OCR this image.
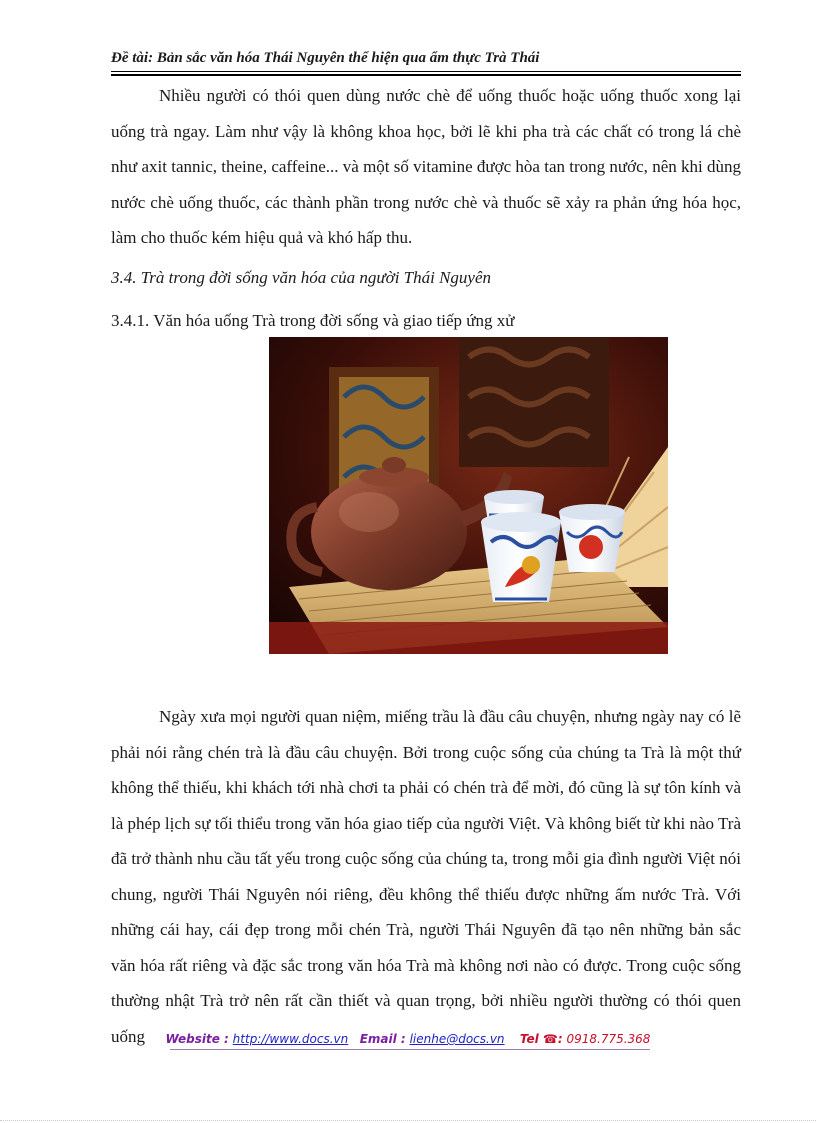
Đề tài: Bản sắc văn hóa Thái Nguyên thể hiện qua ẩm thực Trà Thái

Nhiều người có thói quen dùng nước chè để uống thuốc hoặc uống thuốc xong lại uống trà ngay. Làm như vậy là không khoa học, bởi lẽ khi pha trà các chất có trong lá chè như axit tannic, theine, caffeine... và một số vitamine được hòa tan trong nước, nên khi dùng nước chè uống thuốc, các thành phần trong nước chè và thuốc sẽ xảy ra phản ứng hóa học, làm cho thuốc kém hiệu quả và khó hấp thu.

3.4. Trà trong đời sống văn hóa của người Thái Nguyên
3.4.1. Văn hóa uống Trà trong đời sống và giao tiếp ứng xử

Ngày xưa mọi người quan niệm, miếng trầu là đầu câu chuyện, nhưng ngày nay có lẽ phải nói rằng chén trà là đầu câu chuyện. Bởi trong cuộc sống của chúng ta Trà là một thứ không thể thiếu, khi khách tới nhà chơi ta phải có chén trà để mời, đó cũng là sự tôn kính và là phép lịch sự tối thiểu trong văn hóa giao tiếp của người Việt. Và không biết từ khi nào Trà đã trở thành nhu cầu tất yếu trong cuộc sống của chúng ta, trong mỗi gia đình người Việt nói chung, người Thái Nguyên nói riêng, đều không thể thiếu được những ấm nước Trà. Với những cái hay, cái đẹp trong mỗi chén Trà, người Thái Nguyên đã tạo nên những bản sắc văn hóa rất riêng và đặc sắc trong văn hóa Trà mà không nơi nào có được. Trong cuộc sống thường nhật Trà trở nên rất cần thiết và quan trọng, bởi nhiều người thường có thói quen uống	Website : http://www.docs.vn Email : lienhe@docs.vn Tel ☎: 0918.775.368
